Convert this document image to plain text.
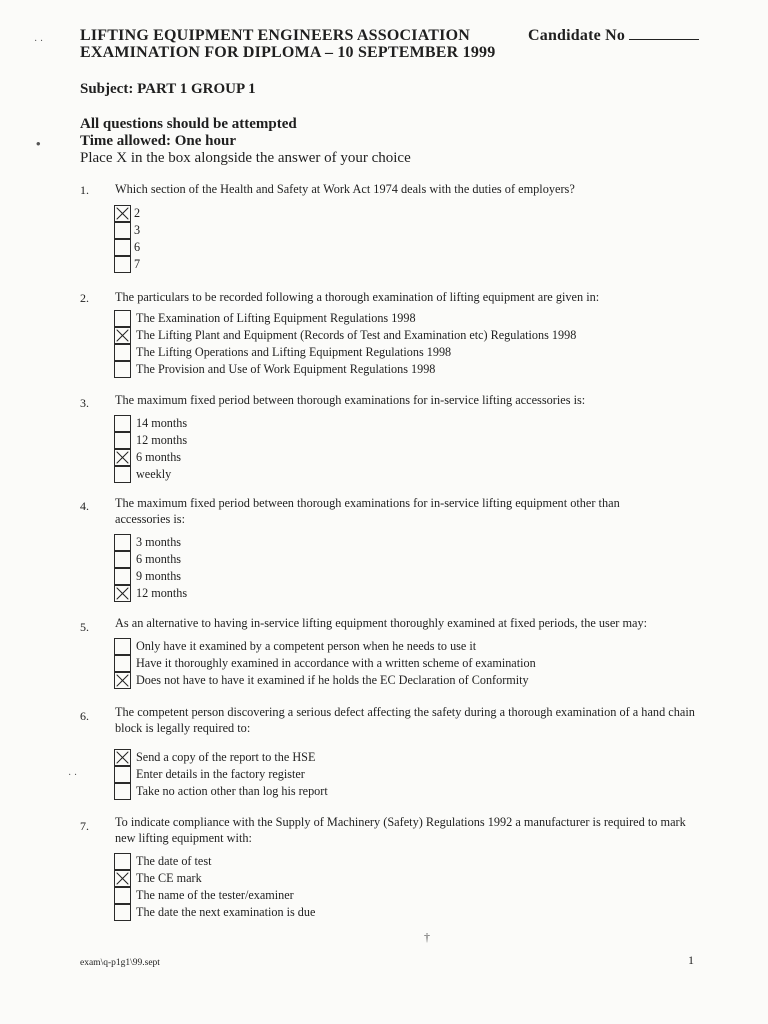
LIFTING EQUIPMENT ENGINEERS ASSOCIATION
EXAMINATION FOR DIPLOMA – 10 SEPTEMBER 1999
Candidate No
Subject: PART 1 GROUP 1
All questions should be attempted
Time allowed: One hour
Place X in the box alongside the answer of your choice
· ·
•
· ·
1. Which section of the Health and Safety at Work Act 1974 deals with the duties of employers?
2
3
6
7
2. The particulars to be recorded following a thorough examination of lifting equipment are given in:
The Examination of Lifting Equipment Regulations 1998
The Lifting Plant and Equipment (Records of Test and Examination etc) Regulations 1998
The Lifting Operations and Lifting Equipment Regulations 1998
The Provision and Use of Work Equipment Regulations 1998
3. The maximum fixed period between thorough examinations for in-service lifting accessories is:
14 months
12 months
6 months
weekly
4. The maximum fixed period between thorough examinations for in-service lifting equipment other than accessories is:
3 months
6 months
9 months
12 months
5. As an alternative to having in-service lifting equipment thoroughly examined at fixed periods, the user may:
Only have it examined by a competent person when he needs to use it
Have it thoroughly examined in accordance with a written scheme of examination
Does not have to have it examined if he holds the EC Declaration of Conformity
6. The competent person discovering a serious defect affecting the safety during a thorough examination of a hand chain block is legally required to:
Send a copy of the report to the HSE
Enter details in the factory register
Take no action other than log his report
7. To indicate compliance with the Supply of Machinery (Safety) Regulations 1992 a manufacturer is required to mark new lifting equipment with:
The date of test
The CE mark
The name of the tester/examiner
The date the next examination is due
exam\q-p1g1\99.sept	1
†
